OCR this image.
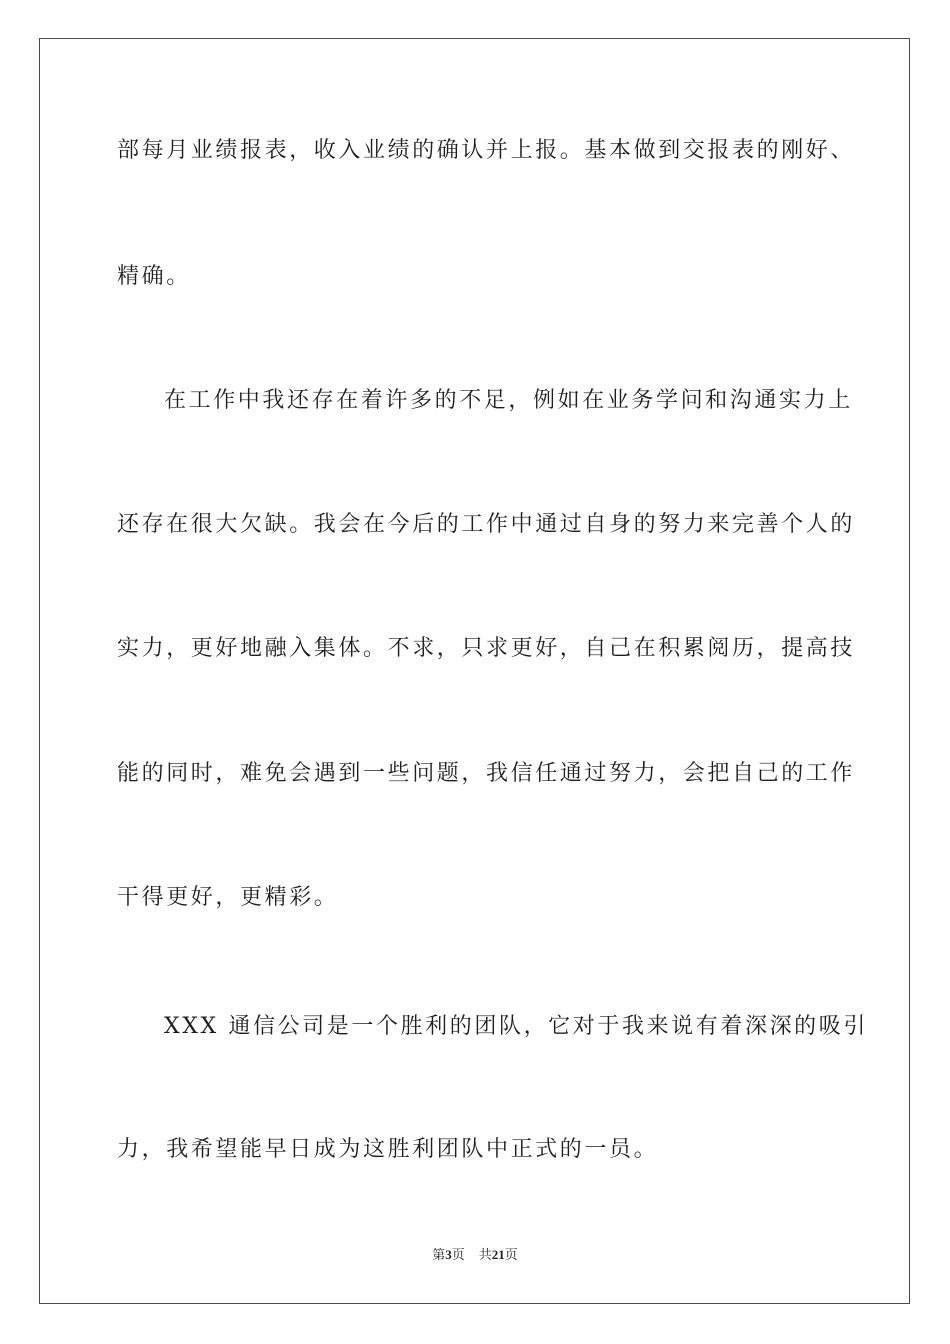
部每月业绩报表，收入业绩的确认并上报。基本做到交报表的刚好、
精确。
在工作中我还存在着许多的不足，例如在业务学问和沟通实力上
还存在很大欠缺。我会在今后的工作中通过自身的努力来完善个人的
实力，更好地融入集体。不求，只求更好，自己在积累阅历，提高技
能的同时，难免会遇到一些问题，我信任通过努力，会把自己的工作
干得更好，更精彩。
XXX 通信公司是一个胜利的团队，它对于我来说有着深深的吸引
力，我希望能早日成为这胜利团队中正式的一员。
第3页 共21页
